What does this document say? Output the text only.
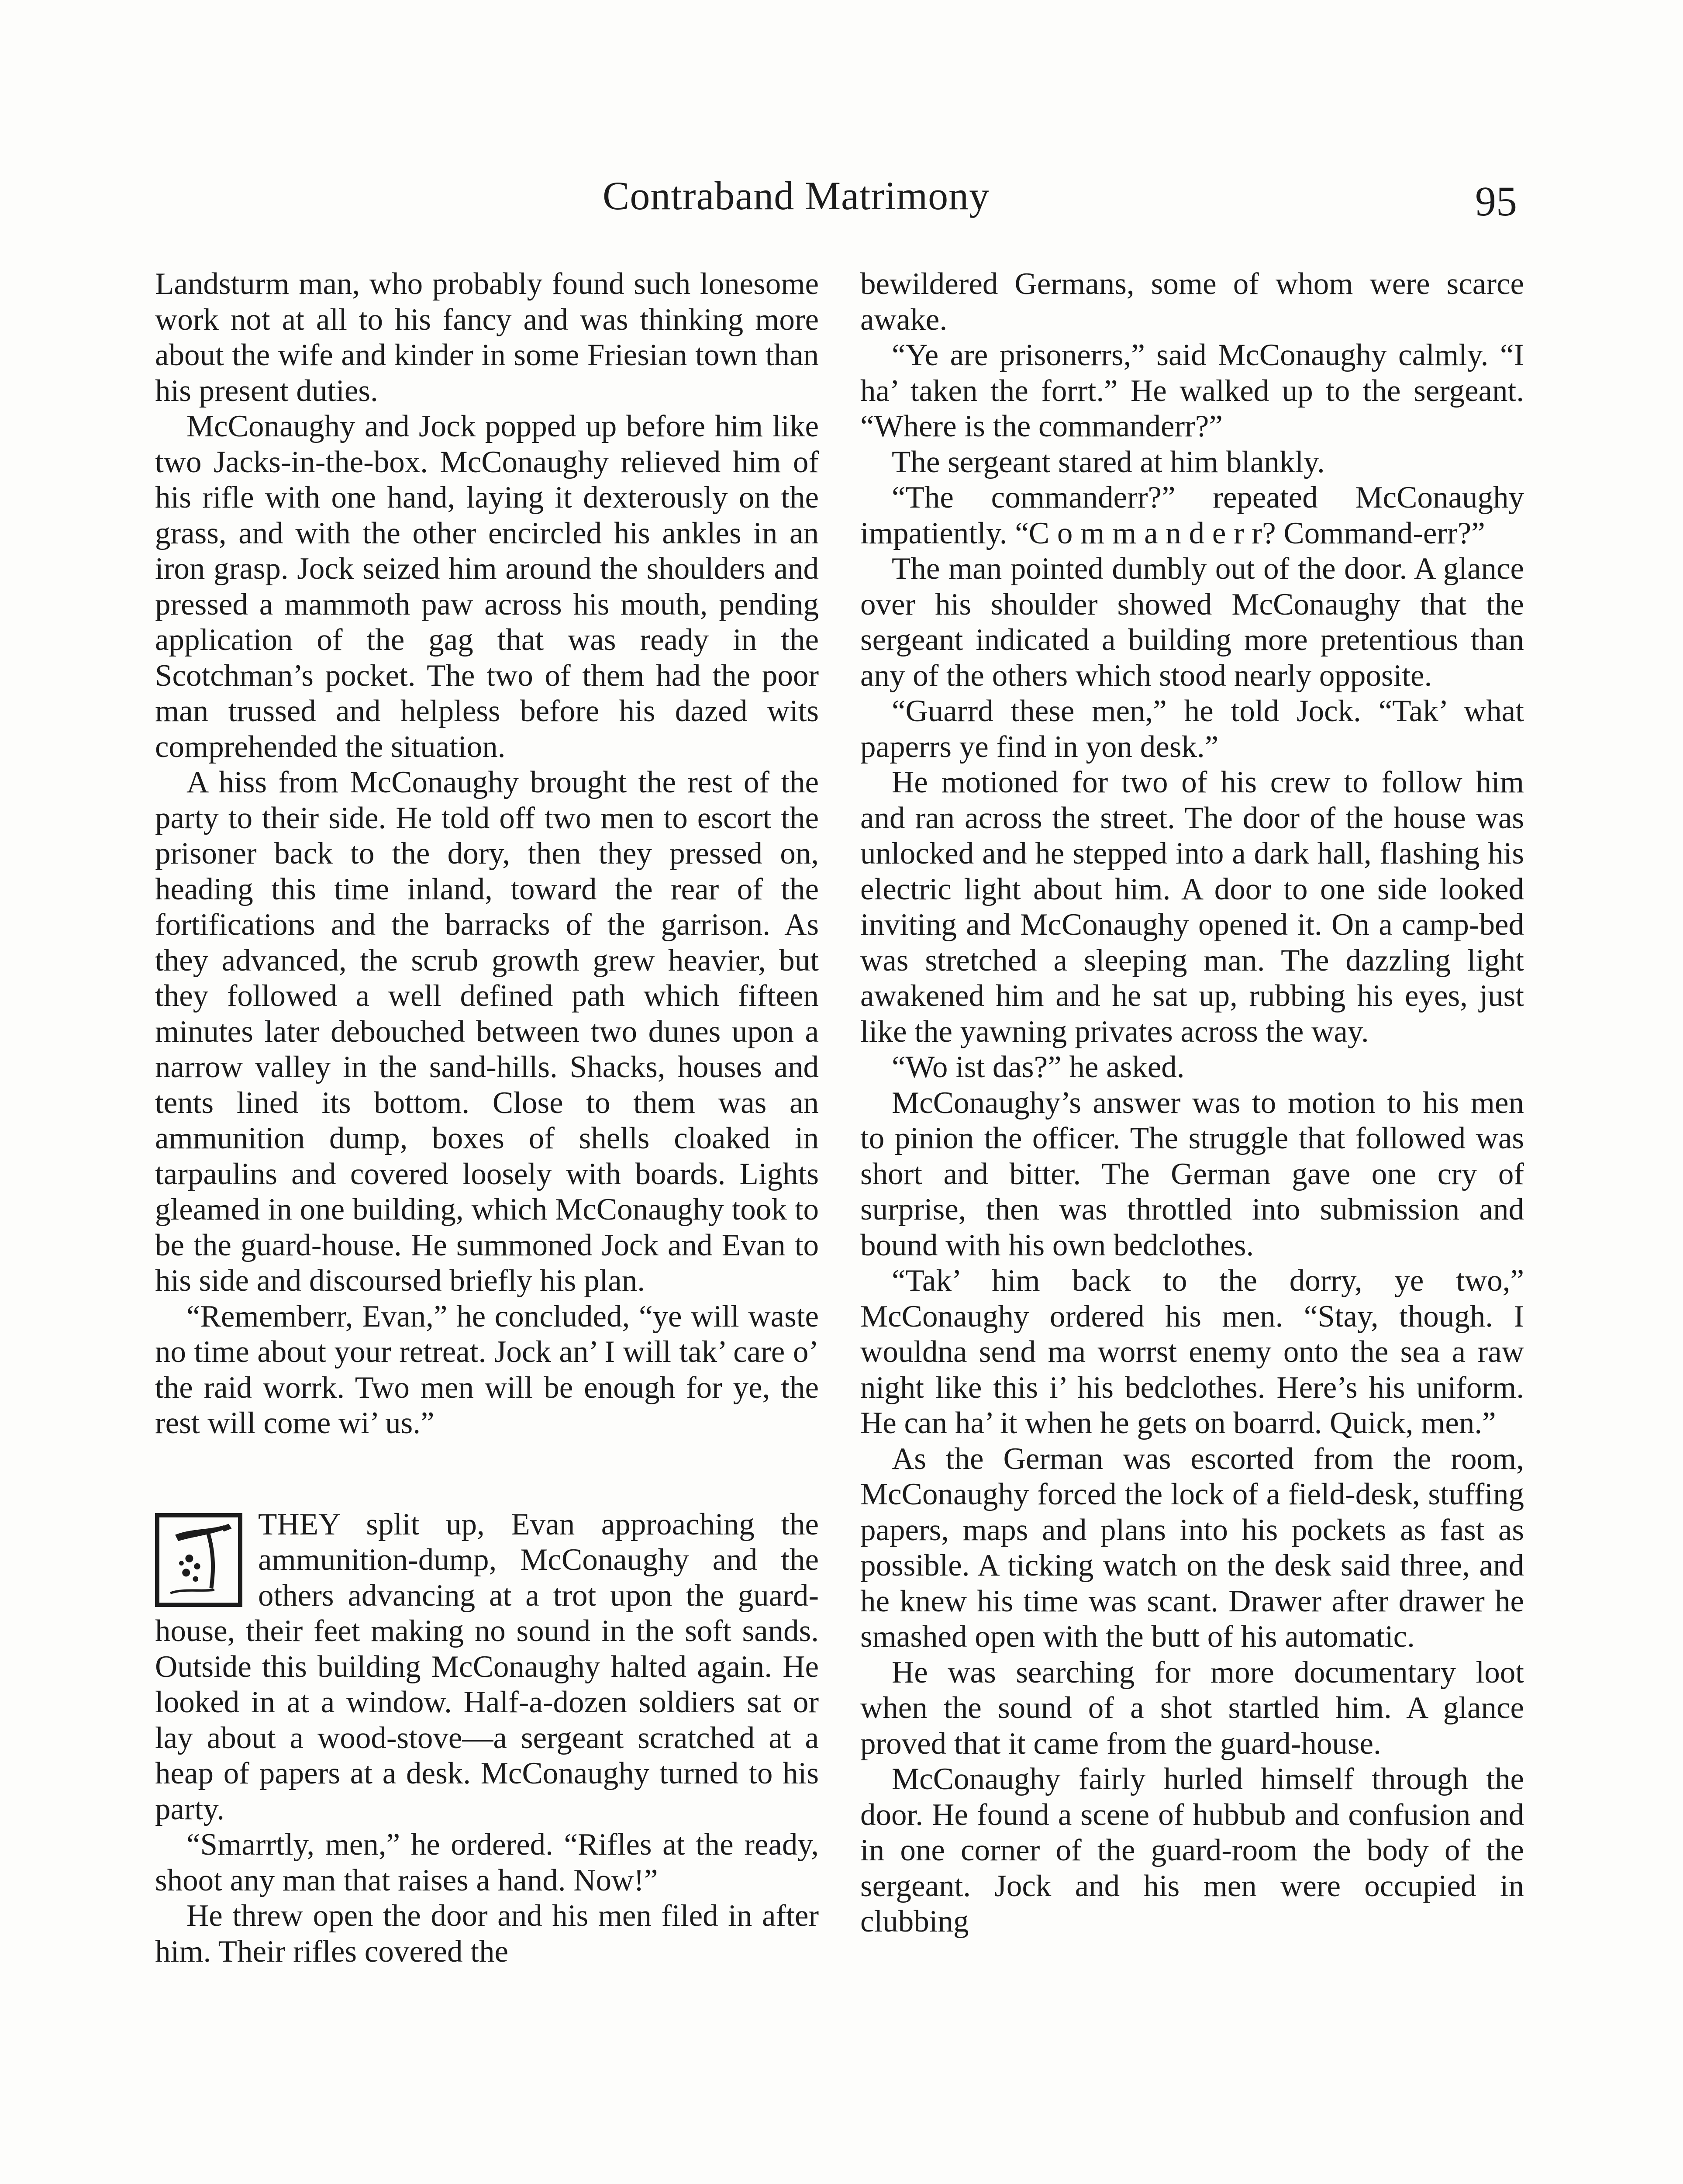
Contraband Matrimony	95

Landsturm man, who probably found such lonesome work not at all to his fancy and was thinking more about the wife and kinder in some Friesian town than his present duties.

McConaughy and Jock popped up before him like two Jacks-in-the-box. McConaughy relieved him of his rifle with one hand, laying it dexterously on the grass, and with the other encircled his ankles in an iron grasp. Jock seized him around the shoulders and pressed a mammoth paw across his mouth, pending application of the gag that was ready in the Scotchman’s pocket. The two of them had the poor man trussed and helpless before his dazed wits comprehended the situation.

A hiss from McConaughy brought the rest of the party to their side. He told off two men to escort the prisoner back to the dory, then they pressed on, heading this time inland, toward the rear of the fortifications and the barracks of the garrison. As they advanced, the scrub growth grew heavier, but they followed a well defined path which fifteen minutes later debouched between two dunes upon a narrow valley in the sand-hills. Shacks, houses and tents lined its bottom. Close to them was an ammunition dump, boxes of shells cloaked in tarpaulins and covered loosely with boards. Lights gleamed in one building, which McConaughy took to be the guard-house. He summoned Jock and Evan to his side and discoursed briefly his plan.

“Rememberr, Evan,” he concluded, “ye will waste no time about your retreat. Jock an’ I will tak’ care o’ the raid worrk. Two men will be enough for ye, the rest will come wi’ us.”

THEY split up, Evan approaching the ammunition-dump, McConaughy and the others advancing at a trot upon the guard-house, their feet making no sound in the soft sands. Outside this building McConaughy halted again. He looked in at a window. Half-a-dozen soldiers sat or lay about a wood-stove—a sergeant scratched at a heap of papers at a desk. McConaughy turned to his party.

“Smarrtly, men,” he ordered. “Rifles at the ready, shoot any man that raises a hand. Now!”

He threw open the door and his men filed in after him. Their rifles covered the

bewildered Germans, some of whom were scarce awake.

“Ye are prisonerrs,” said McConaughy calmly. “I ha’ taken the forrt.” He walked up to the sergeant. “Where is the commanderr?”

The sergeant stared at him blankly.

“The commanderr?” repeated McConaughy impatiently. “C o m m a n d e r r? Command-err?”

The man pointed dumbly out of the door. A glance over his shoulder showed McConaughy that the sergeant indicated a building more pretentious than any of the others which stood nearly opposite.

“Guarrd these men,” he told Jock. “Tak’ what paperrs ye find in yon desk.”

He motioned for two of his crew to follow him and ran across the street. The door of the house was unlocked and he stepped into a dark hall, flashing his electric light about him. A door to one side looked inviting and McConaughy opened it. On a camp-bed was stretched a sleeping man. The dazzling light awakened him and he sat up, rubbing his eyes, just like the yawning privates across the way.

“Wo ist das?” he asked.

McConaughy’s answer was to motion to his men to pinion the officer. The struggle that followed was short and bitter. The German gave one cry of surprise, then was throttled into submission and bound with his own bedclothes.

“Tak’ him back to the dorry, ye two,” McConaughy ordered his men. “Stay, though. I wouldna send ma worrst enemy onto the sea a raw night like this i’ his bedclothes. Here’s his uniform. He can ha’ it when he gets on boarrd. Quick, men.”

As the German was escorted from the room, McConaughy forced the lock of a field-desk, stuffing papers, maps and plans into his pockets as fast as possible. A ticking watch on the desk said three, and he knew his time was scant. Drawer after drawer he smashed open with the butt of his automatic.

He was searching for more documentary loot when the sound of a shot startled him. A glance proved that it came from the guard-house.

McConaughy fairly hurled himself through the door. He found a scene of hubbub and confusion and in one corner of the guard-room the body of the sergeant. Jock and his men were occupied in clubbing
